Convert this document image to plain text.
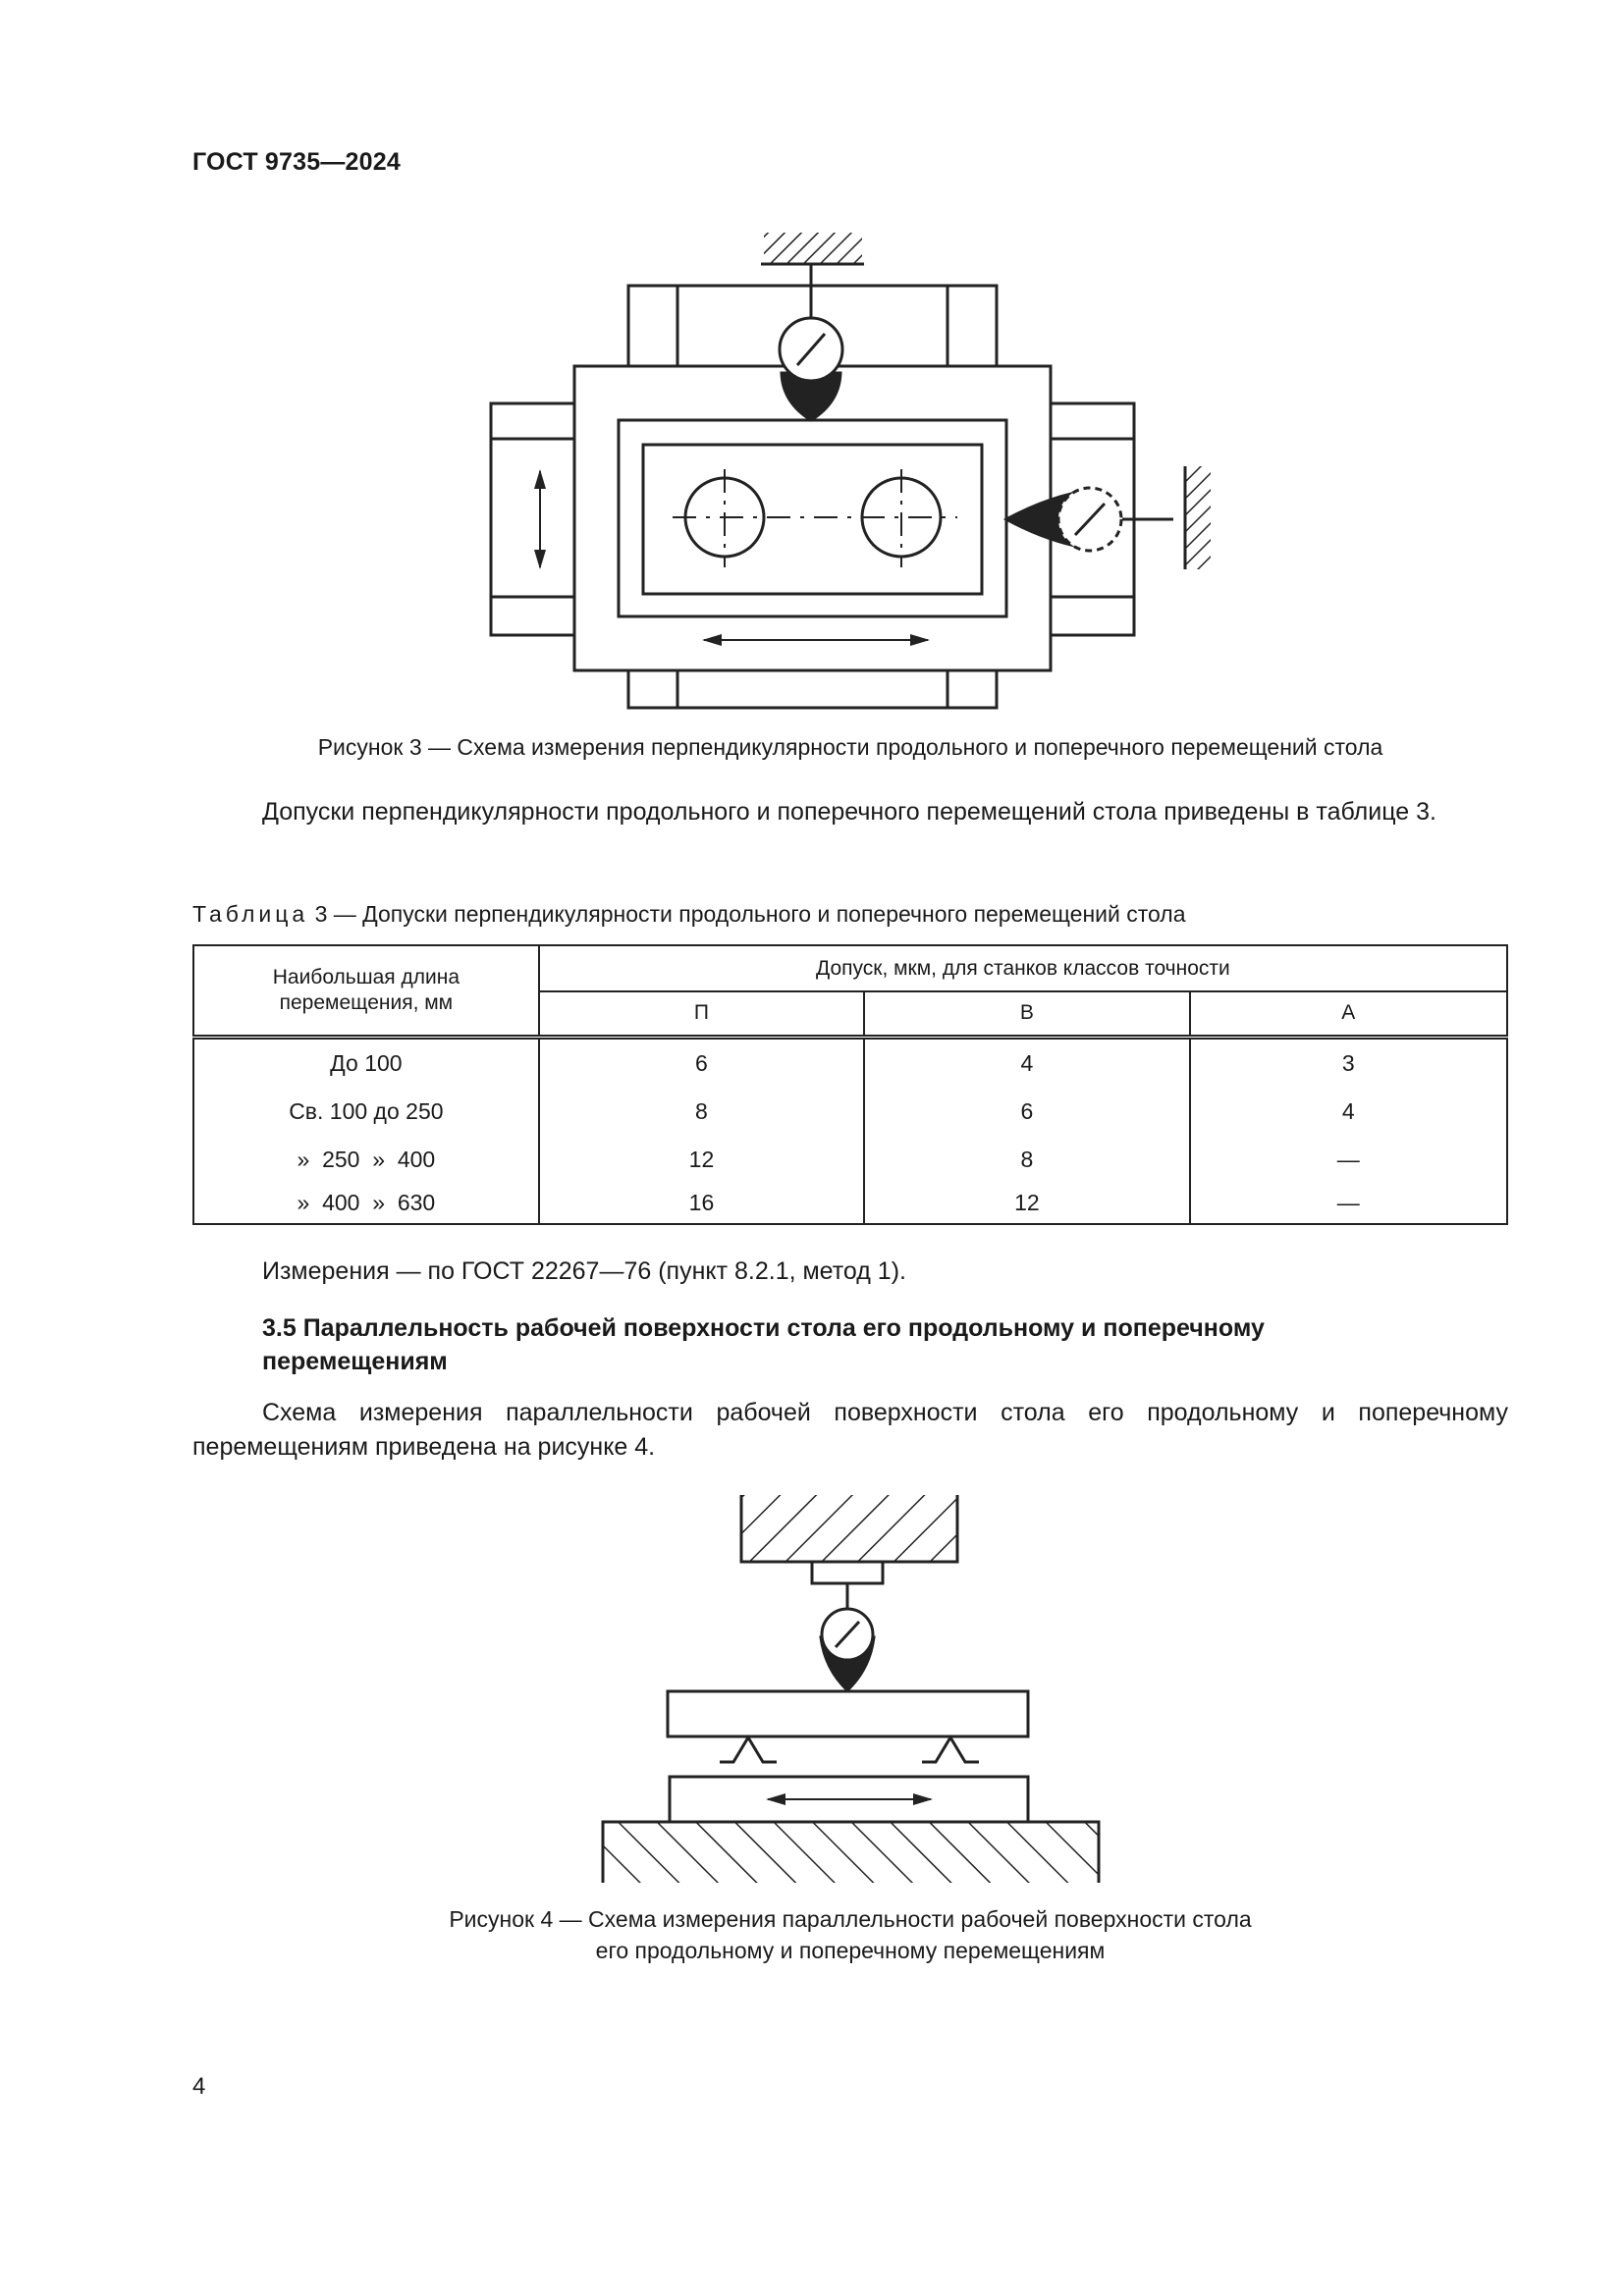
ГОСТ 9735—2024
Рисунок 3 — Схема измерения перпендикулярности продольного и поперечного перемещений стола
Допуски перпендикулярности продольного и поперечного перемещений стола приведены в таблице 3.
Таблица 3 — Допуски перпендикулярности продольного и поперечного перемещений стола
Наибольшая длина перемещения, мм	Допуск, мкм, для станков классов точности		
	П	В	А
До 100	6	4	3
Св. 100 до 250	8	6	4
»  250  »  400	12	8	—
»  400  »  630	16	12	—
Измерения — по ГОСТ 22267—76 (пункт 8.2.1, метод 1).
3.5 Параллельность рабочей поверхности стола его продольному и поперечному
перемещениям
Схема измерения параллельности рабочей поверхности стола его продольному и поперечному перемещениям приведена на рисунке 4.
Рисунок 4 — Схема измерения параллельности рабочей поверхности стола
его продольному и поперечному перемещениям
4
